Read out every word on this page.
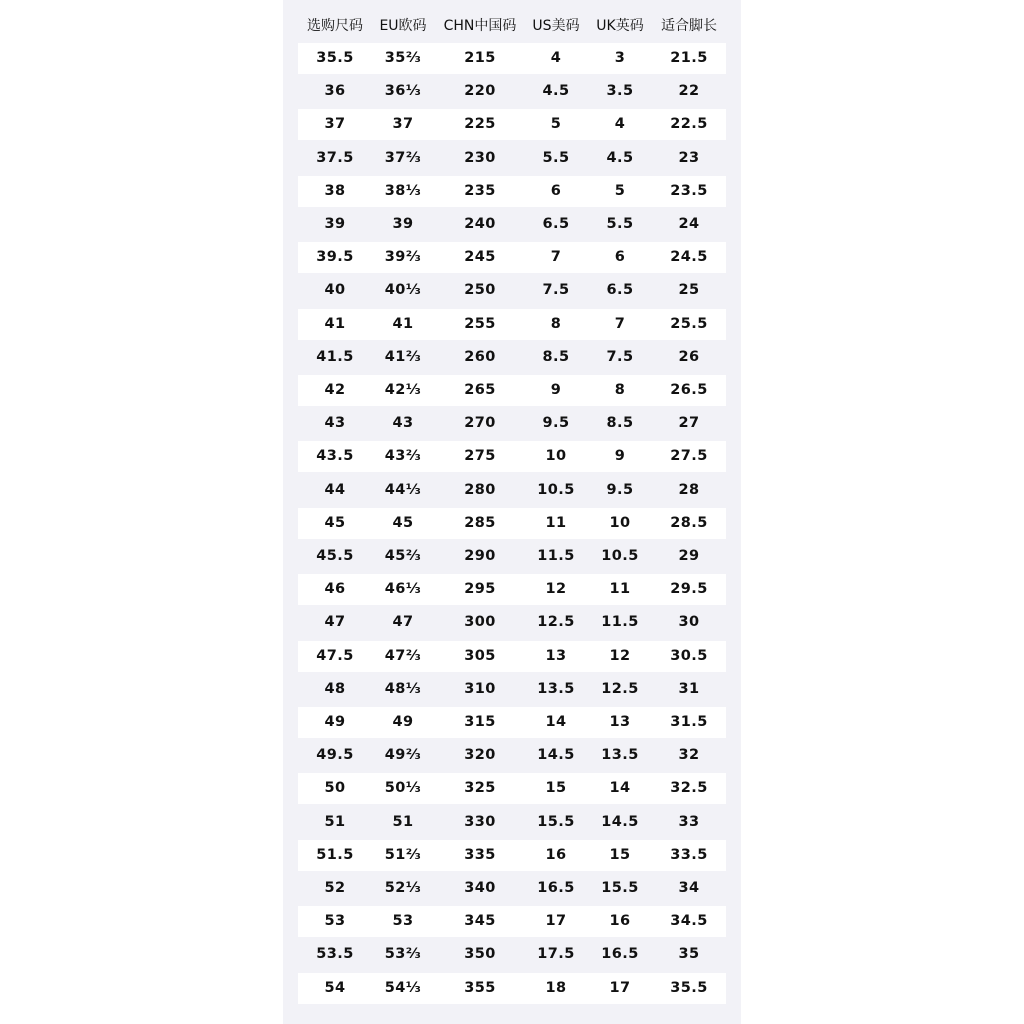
选购尺码 EU欧码 CHN中国码 US美码 UK英码 适合脚长
35.5 35⅔	215	4	3	21.5
36	36⅓	220	4.5	3.5	22
37	37	225	5	4	22.5
37.5 37⅔	230	5.5	4.5	23
38	38⅓	235	6	5	23.5
39	39	240	6.5	5.5	24
39.5 39⅔	245	7	6	24.5
40	40⅓	250	7.5	6.5	25
41	41	255	8	7	25.5
41.5 41⅔	260	8.5	7.5	26
42	42⅓	265	9	8	26.5
43	43	270	9.5	8.5	27
43.5 43⅔	275	10	9	27.5
44	44⅓	280	10.5 9.5	28
45	45	285	11	10	28.5
45.5 45⅔	290	11.5 10.5	29
46	46⅓	295	12	11	29.5
47	47	300	12.5 11.5	30
47.5 47⅔	305	13	12	30.5
48	48⅓	310	13.5 12.5	31
49	49	315	14	13	31.5
49.5 49⅔	320	14.5 13.5	32
50	50⅓	325	15	14	32.5
51	51	330	15.5 14.5	33
51.5 51⅔	335	16	15	33.5
52	52⅓	340	16.5 15.5	34
53	53	345	17	16	34.5
53.5 53⅔	350	17.5 16.5	35
54	54⅓	355	18	17	35.5
